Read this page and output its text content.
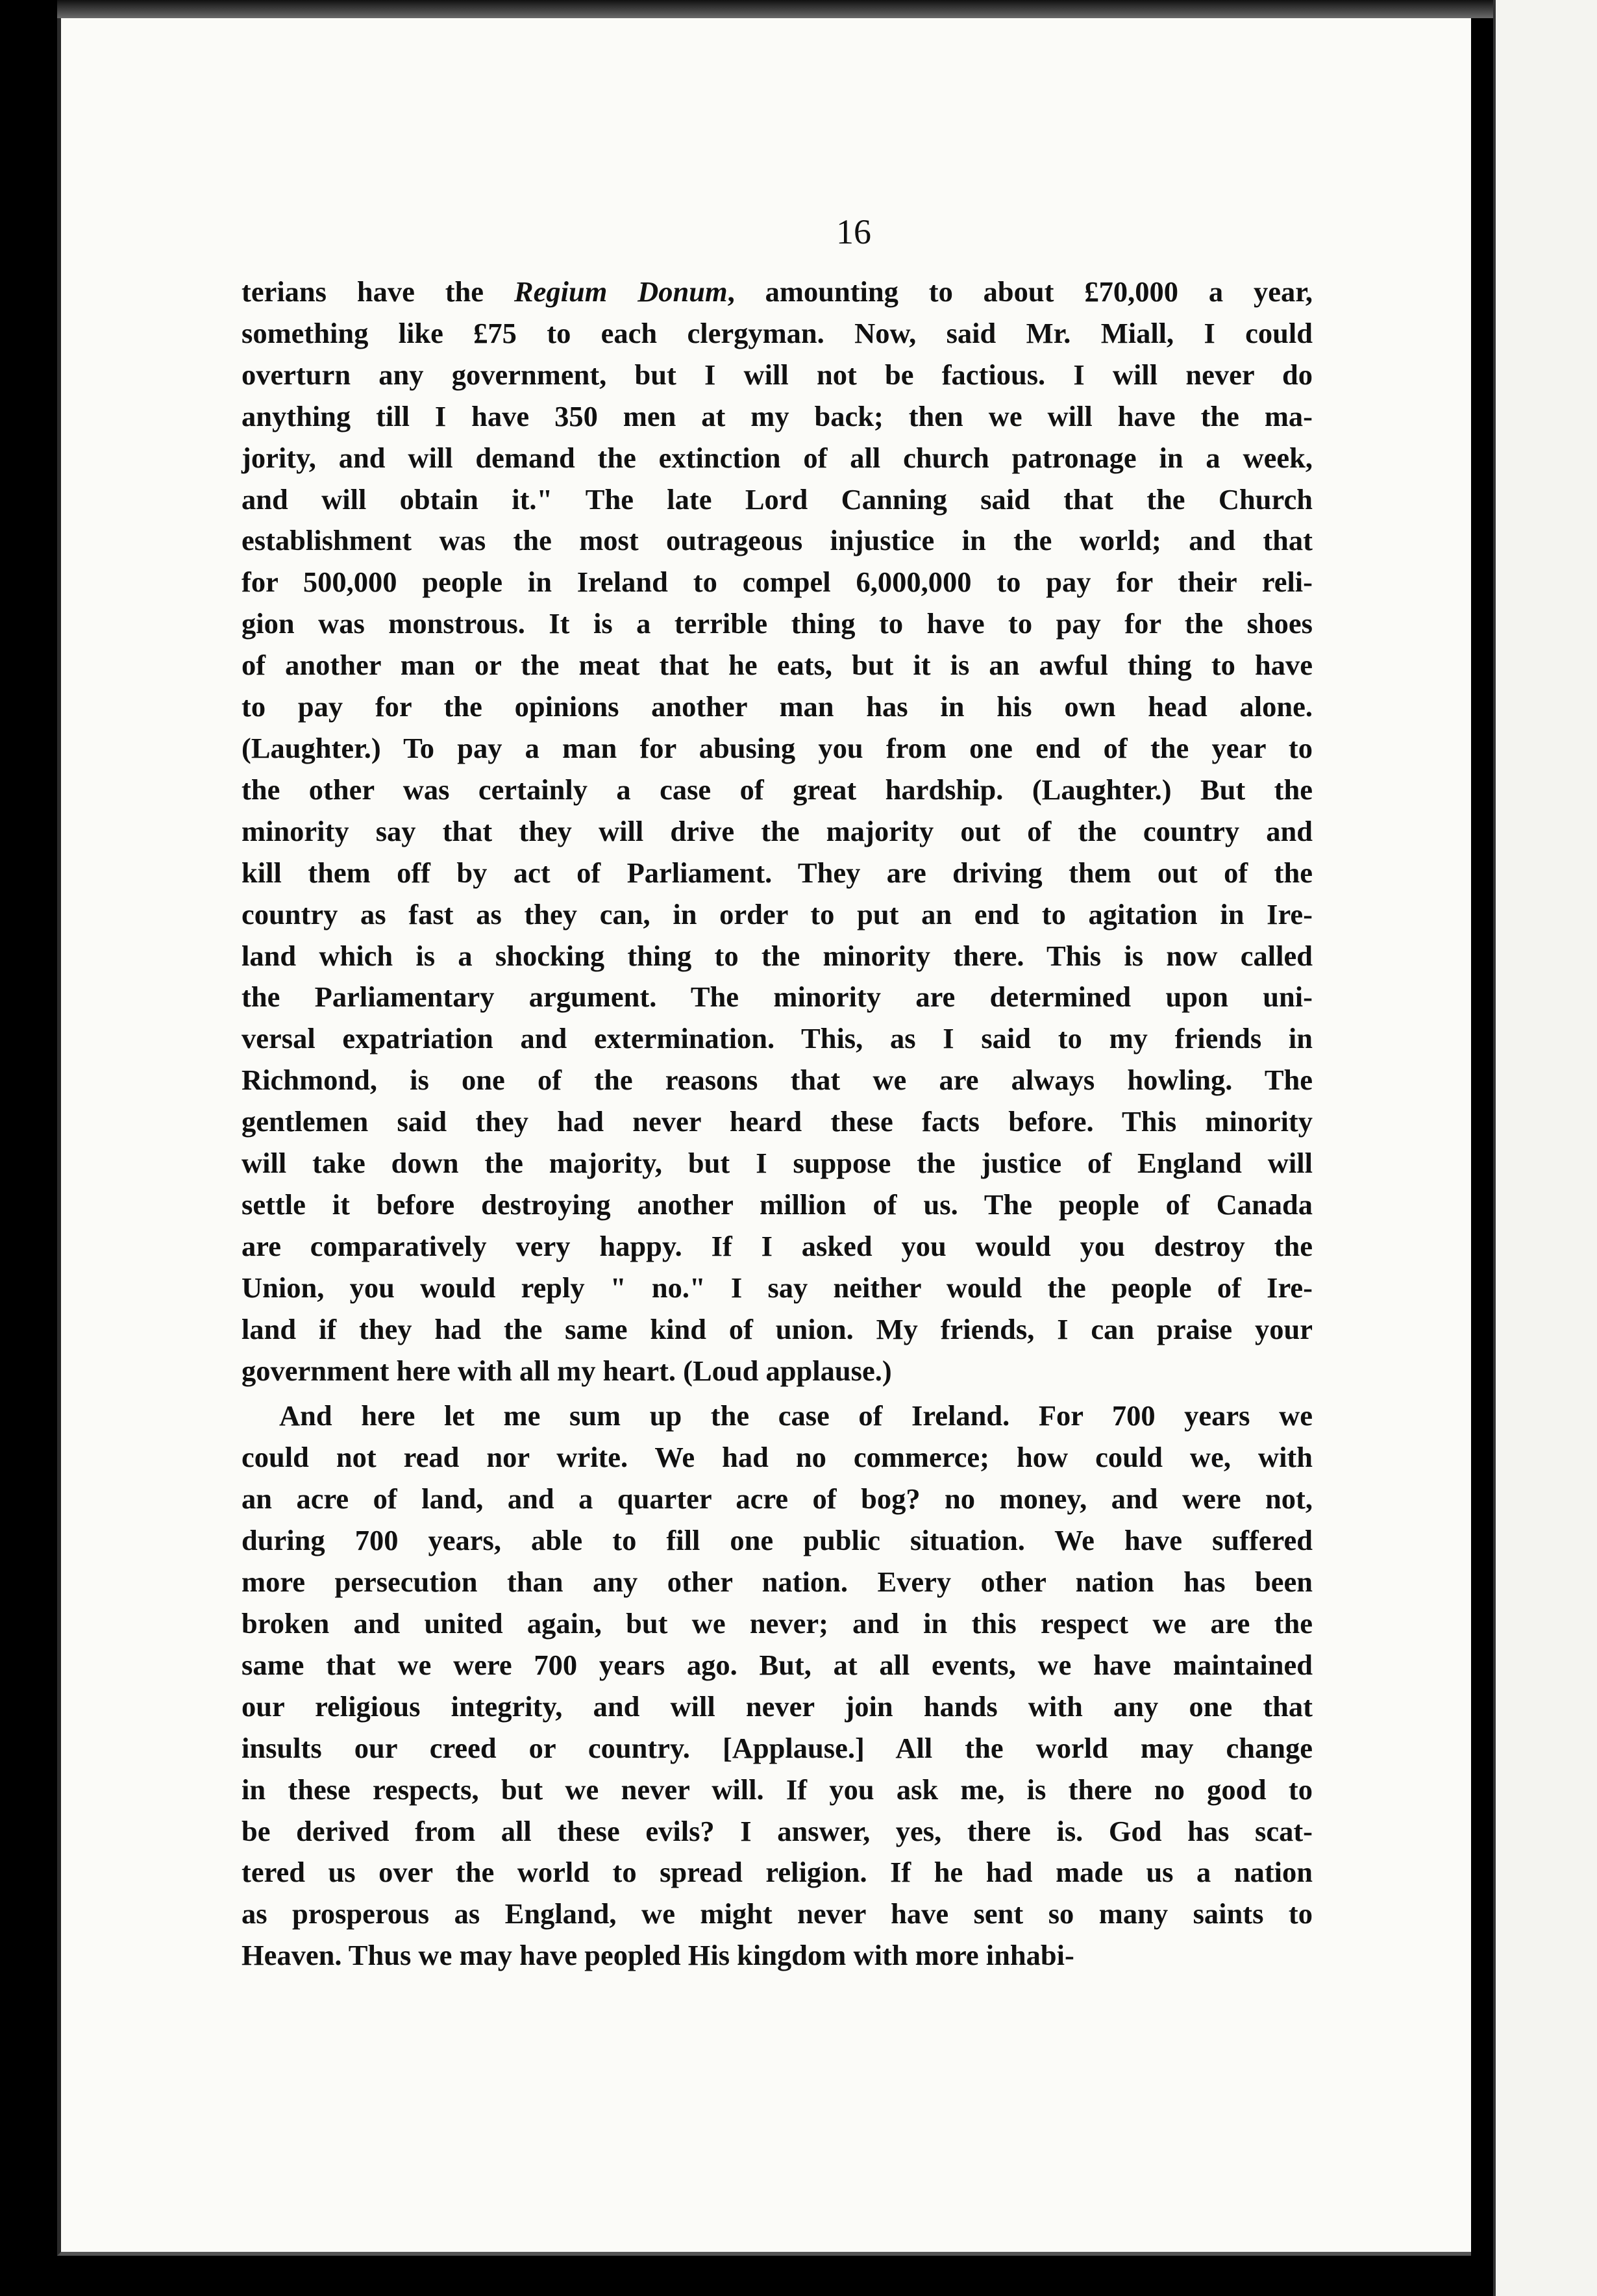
16
terians have the Regium Donum, amounting to about £70,000 a year,
something like £75 to each clergyman. Now, said Mr. Miall, I could
overturn any government, but I will not be factious. I will never do
anything till I have 350 men at my back; then we will have the ma-
jority, and will demand the extinction of all church patronage in a week,
and will obtain it." The late Lord Canning said that the Church
establishment was the most outrageous injustice in the world; and that
for 500,000 people in Ireland to compel 6,000,000 to pay for their reli-
gion was monstrous. It is a terrible thing to have to pay for the shoes
of another man or the meat that he eats, but it is an awful thing to have
to pay for the opinions another man has in his own head alone.
(Laughter.) To pay a man for abusing you from one end of the year to
the other was certainly a case of great hardship. (Laughter.) But the
minority say that they will drive the majority out of the country and
kill them off by act of Parliament. They are driving them out of the
country as fast as they can, in order to put an end to agitation in Ire-
land which is a shocking thing to the minority there. This is now called
the Parliamentary argument. The minority are determined upon uni-
versal expatriation and extermination. This, as I said to my friends in
Richmond, is one of the reasons that we are always howling. The
gentlemen said they had never heard these facts before. This minority
will take down the majority, but I suppose the justice of England will
settle it before destroying another million of us. The people of Canada
are comparatively very happy. If I asked you would you destroy the
Union, you would reply " no." I say neither would the people of Ire-
land if they had the same kind of union. My friends, I can praise your
government here with all my heart. (Loud applause.)
And here let me sum up the case of Ireland. For 700 years we
could not read nor write. We had no commerce; how could we, with
an acre of land, and a quarter acre of bog? no money, and were not,
during 700 years, able to fill one public situation. We have suffered
more persecution than any other nation. Every other nation has been
broken and united again, but we never; and in this respect we are the
same that we were 700 years ago. But, at all events, we have maintained
our religious integrity, and will never join hands with any one that
insults our creed or country. [Applause.] All the world may change
in these respects, but we never will. If you ask me, is there no good to
be derived from all these evils? I answer, yes, there is. God has scat-
tered us over the world to spread religion. If he had made us a nation
as prosperous as England, we might never have sent so many saints to
Heaven. Thus we may have peopled His kingdom with more inhabi-
